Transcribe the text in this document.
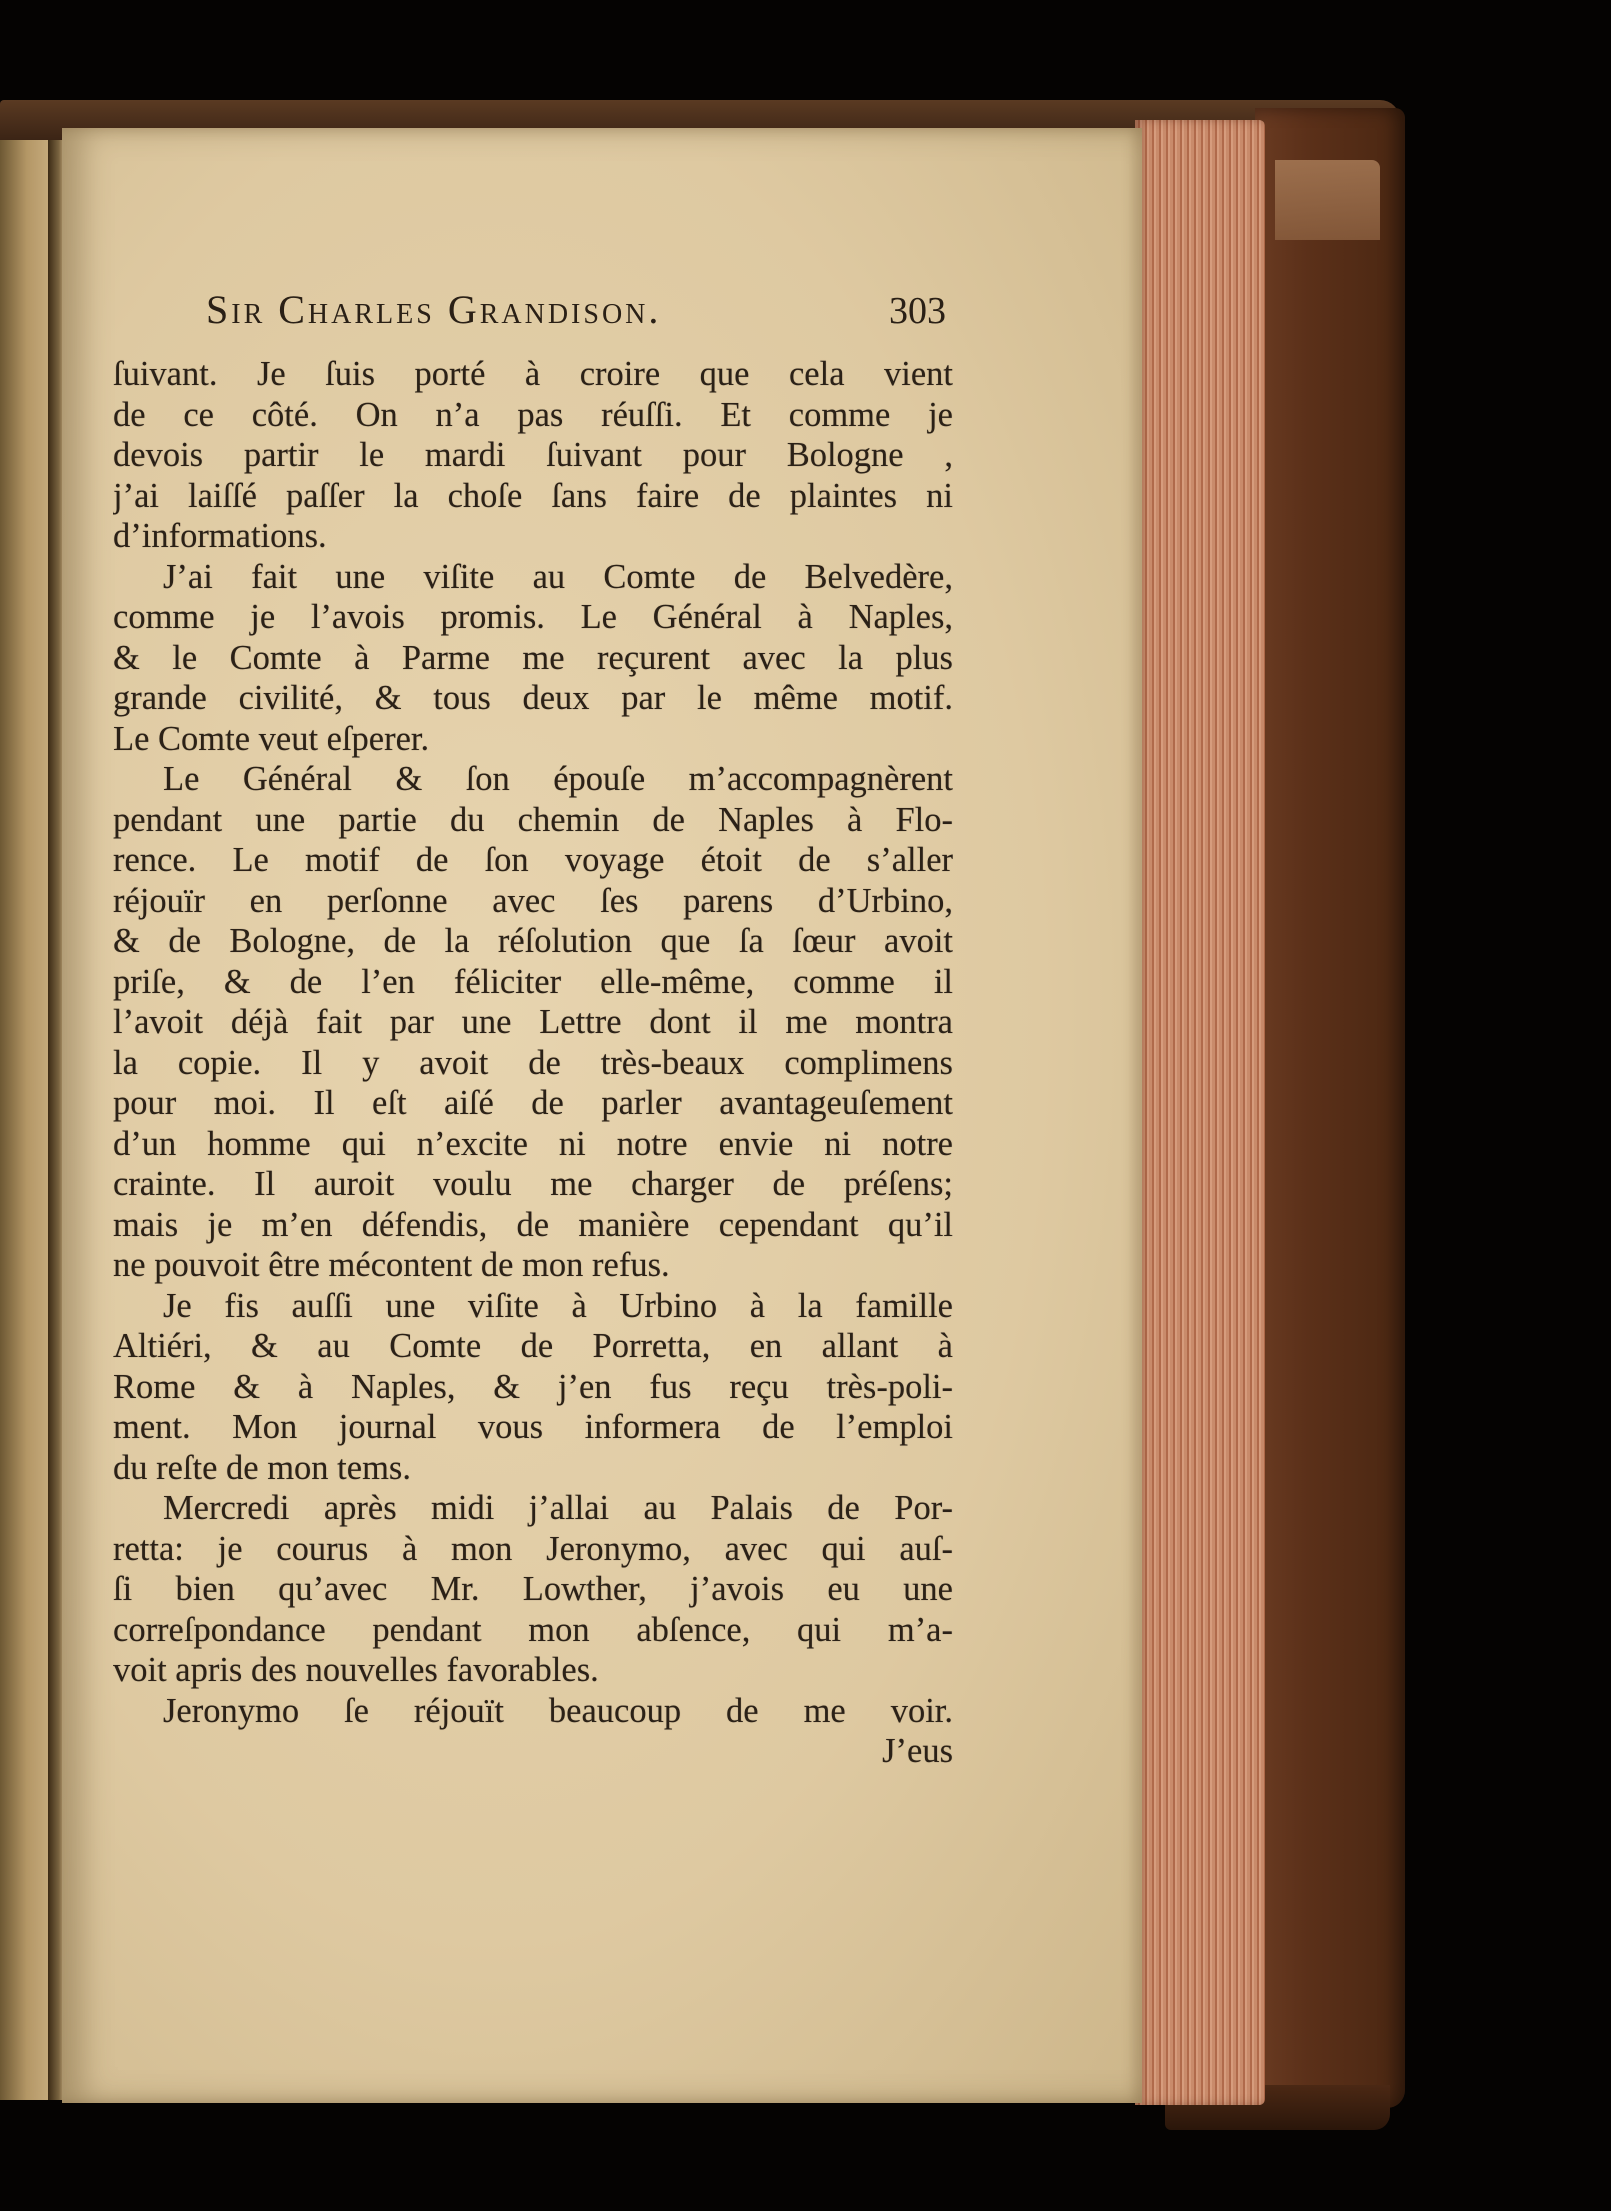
Sir Charles Grandison.	303
ſuivant. Je ſuis porté à croire que cela vient
de ce côté. On n’a pas réuſſi. Et comme je
devois partir le mardi ſuivant pour Bologne ,
j’ai laiſſé paſſer la choſe ſans faire de plaintes ni
d’informations.
J’ai fait une viſite au Comte de Belvedère,
comme je l’avois promis. Le Général à Naples,
& le Comte à Parme me reçurent avec la plus
grande civilité, & tous deux par le même motif.
Le Comte veut eſperer.
Le Général & ſon épouſe m’accompagnèrent
pendant une partie du chemin de Naples à Flo-
rence. Le motif de ſon voyage étoit de s’aller
réjouïr en perſonne avec ſes parens d’Urbino,
& de Bologne, de la réſolution que ſa ſœur avoit
priſe, & de l’en féliciter elle-même, comme il
l’avoit déjà fait par une Lettre dont il me montra
la copie. Il y avoit de très-beaux complimens
pour moi. Il eſt aiſé de parler avantageuſement
d’un homme qui n’excite ni notre envie ni notre
crainte. Il auroit voulu me charger de préſens;
mais je m’en défendis, de manière cependant qu’il
ne pouvoit être mécontent de mon refus.
Je fis auſſi une viſite à Urbino à la famille
Altiéri, & au Comte de Porretta, en allant à
Rome & à Naples, & j’en fus reçu très-poli-
ment. Mon journal vous informera de l’emploi
du reſte de mon tems.
Mercredi après midi j’allai au Palais de Por-
retta: je courus à mon Jeronymo, avec qui auſ-
ſi bien qu’avec Mr. Lowther, j’avois eu une
correſpondance pendant mon abſence, qui m’a-
voit apris des nouvelles favorables.
Jeronymo ſe réjouït beaucoup de me voir.
J’eus
